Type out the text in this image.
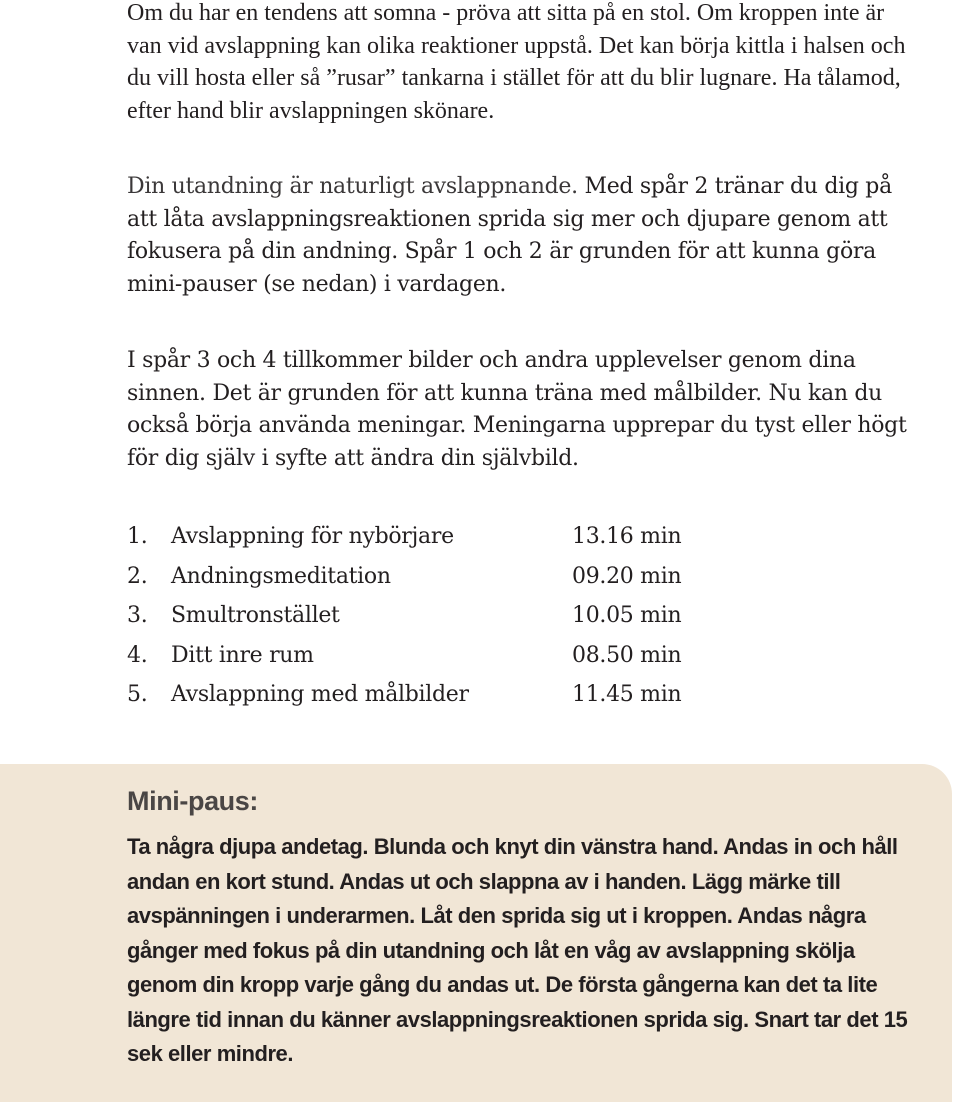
Om du har en tendens att somna - pröva att sitta på en stol. Om kroppen inte är van vid avslappning kan olika reaktioner uppstå. Det kan börja kittla i halsen och du vill hosta eller så ”rusar” tankarna i stället för att du blir lugnare. Ha tålamod, efter hand blir avslappningen skönare.

Din utandning är naturligt avslappnande. Med spår 2 tränar du dig på att låta avslappningsreaktionen sprida sig mer och djupare genom att fokusera på din andning. Spår 1 och 2 är grunden för att kunna göra mini-pauser (se nedan) i vardagen.

I spår 3 och 4 tillkommer bilder och andra upplevelser genom dina sinnen. Det är grunden för att kunna träna med målbilder. Nu kan du också börja använda meningar. Meningarna upprepar du tyst eller högt för dig själv i syfte att ändra din självbild.

1. Avslappning för nybörjare	13.16 min
2. Andningsmeditation	09.20 min
3. Smultronstället	10.05 min
4. Ditt inre rum	08.50 min
5. Avslappning med målbilder	11.45 min
Mini-paus:

Ta några djupa andetag. Blunda och knyt din vänstra hand. Andas in och håll andan en kort stund. Andas ut och slappna av i handen. Lägg märke till avspänningen i underarmen. Låt den sprida sig ut i kroppen. Andas några gånger med fokus på din utandning och låt en våg av avslappning skölja genom din kropp varje gång du andas ut. De första gångerna kan det ta lite längre tid innan du känner avslappningsreaktionen sprida sig. Snart tar det 15 sek eller mindre.
